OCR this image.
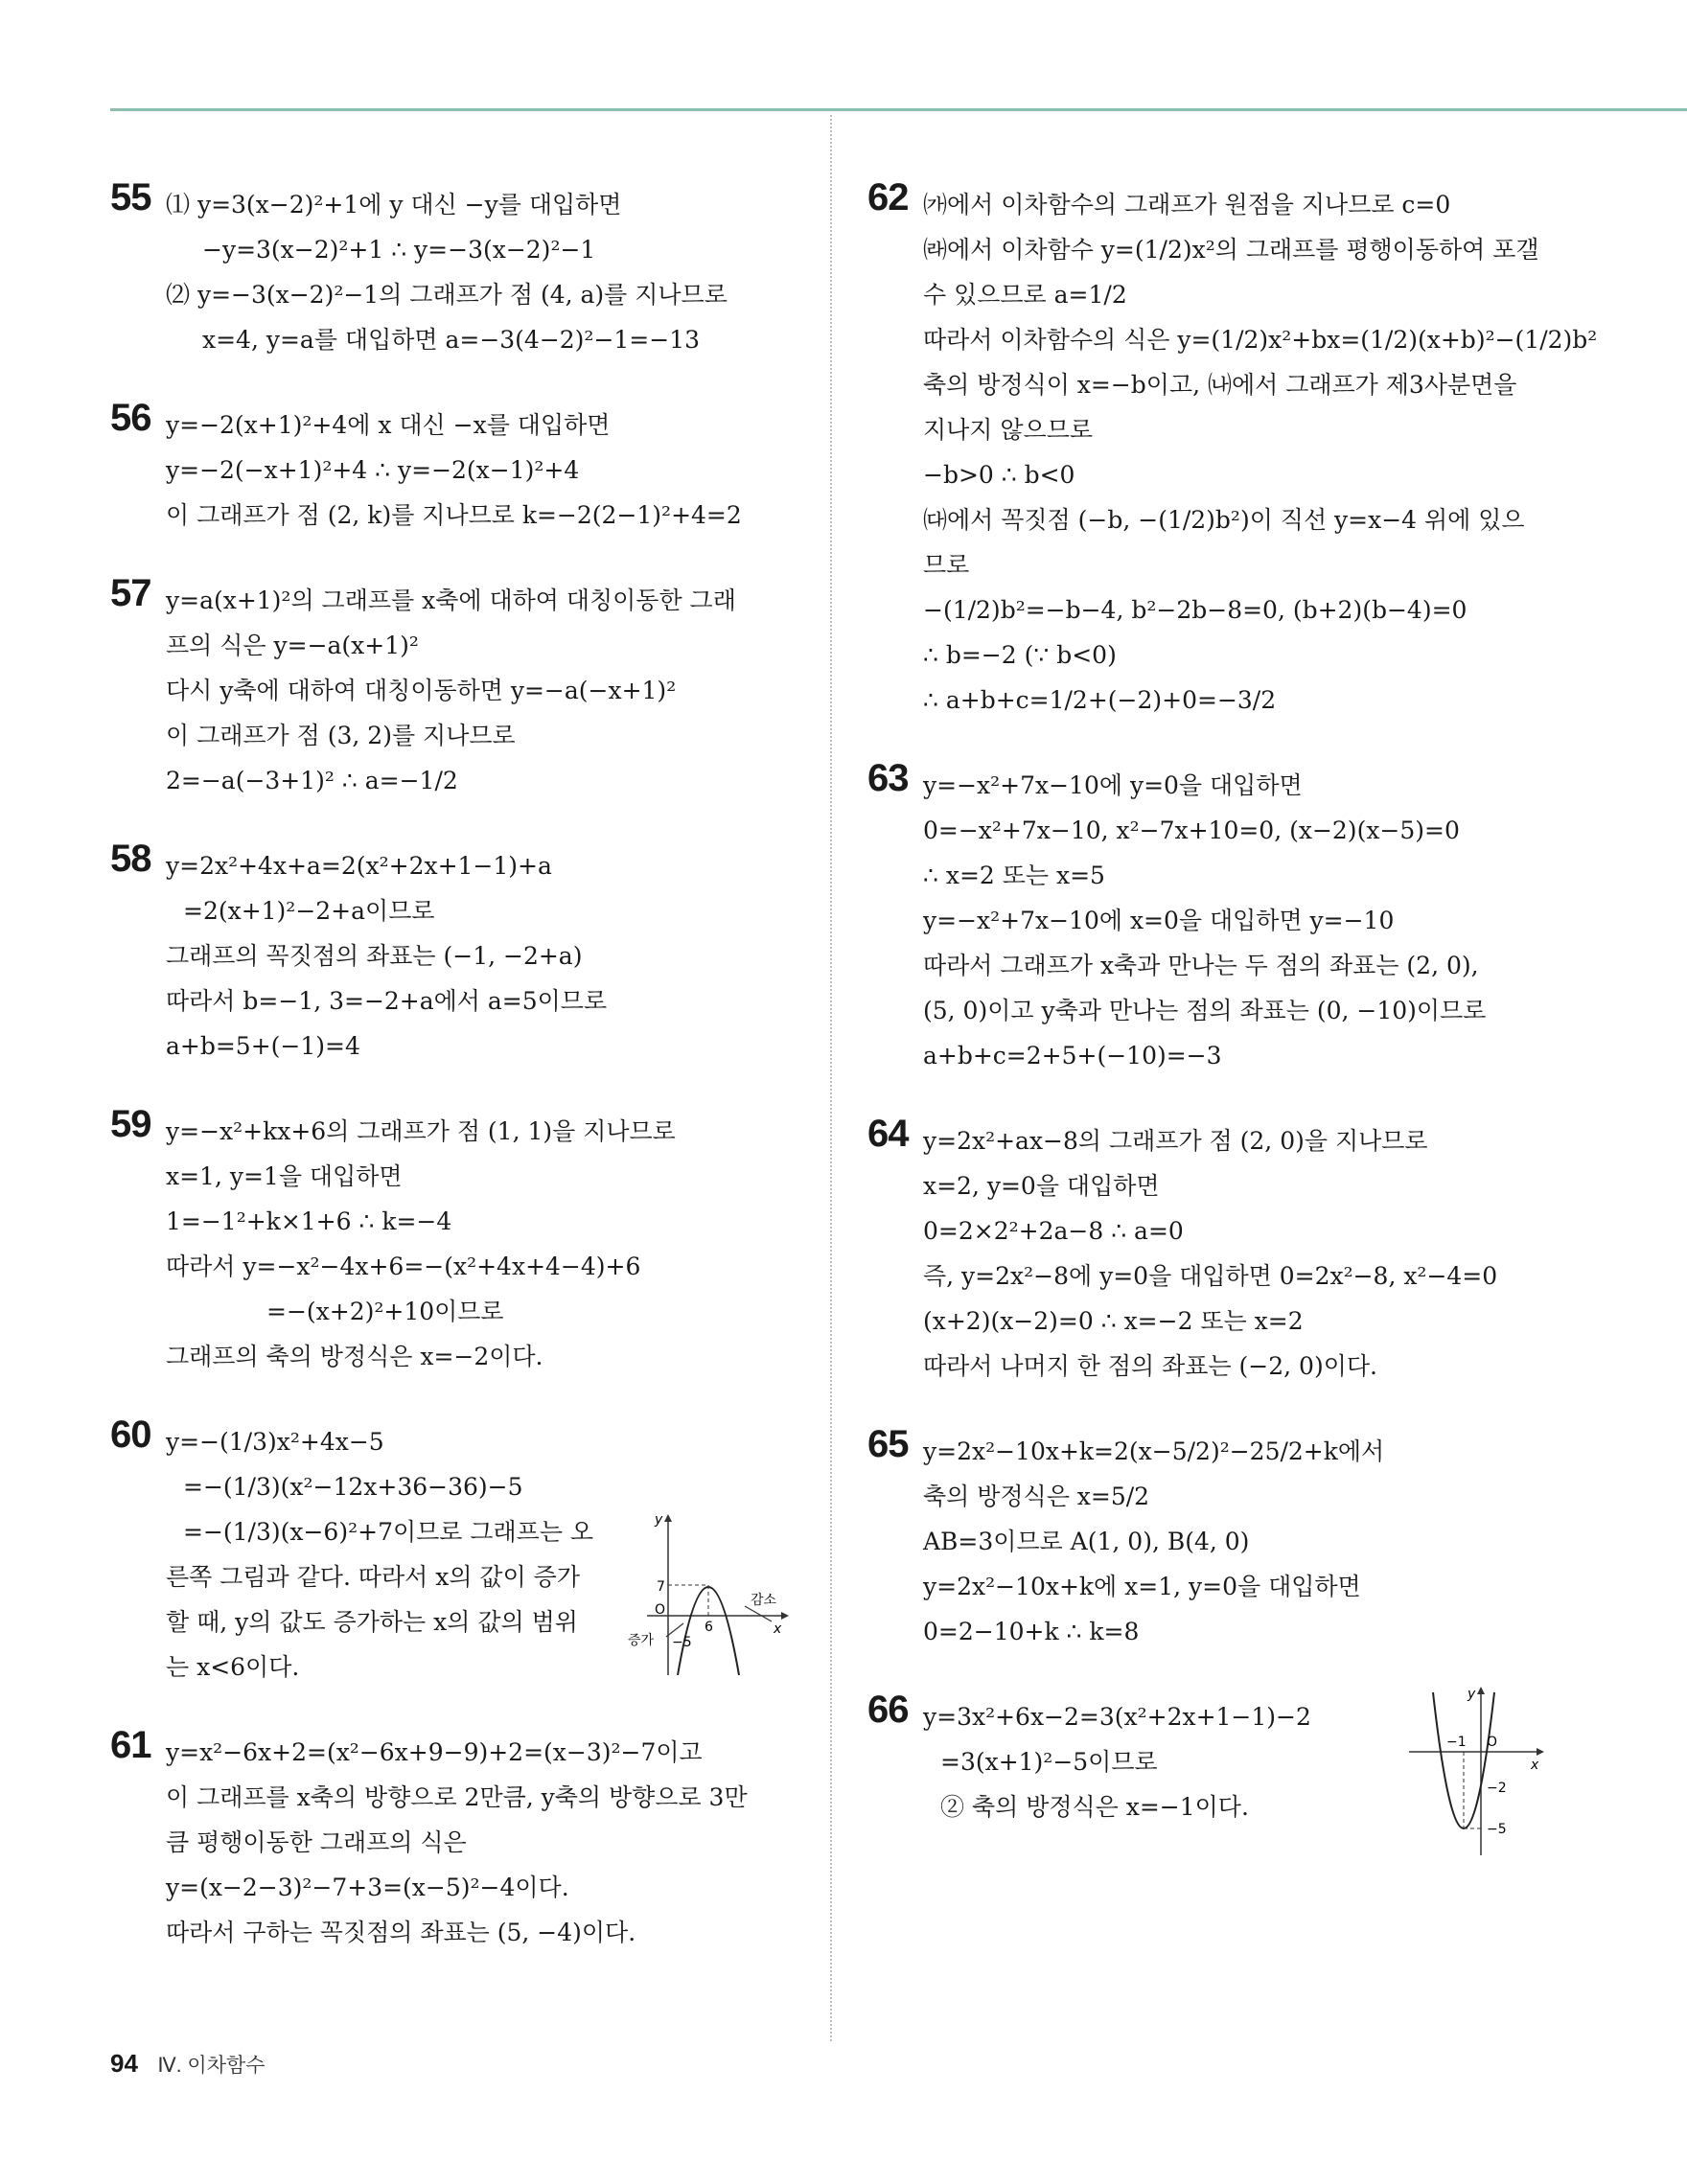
55 ⑴ y=3(x−2)²+1에 y 대신 −y를 대입하면
−y=3(x−2)²+1 ∴ y=−3(x−2)²−1
⑵ y=−3(x−2)²−1의 그래프가 점 (4, a)를 지나므로
x=4, y=a를 대입하면 a=−3(4−2)²−1=−13
56 y=−2(x+1)²+4에 x 대신 −x를 대입하면
y=−2(−x+1)²+4 ∴ y=−2(x−1)²+4
이 그래프가 점 (2, k)를 지나므로 k=−2(2−1)²+4=2
57 y=a(x+1)²의 그래프를 x축에 대하여 대칭이동한 그래
프의 식은 y=−a(x+1)²
다시 y축에 대하여 대칭이동하면 y=−a(−x+1)²
이 그래프가 점 (3, 2)를 지나므로
2=−a(−3+1)² ∴ a=−1/2
58 y=2x²+4x+a=2(x²+2x+1−1)+a
=2(x+1)²−2+a이므로
그래프의 꼭짓점의 좌표는 (−1, −2+a)
따라서 b=−1, 3=−2+a에서 a=5이므로
a+b=5+(−1)=4
59 y=−x²+kx+6의 그래프가 점 (1, 1)을 지나므로
x=1, y=1을 대입하면
1=−1²+k×1+6 ∴ k=−4
따라서 y=−x²−4x+6=−(x²+4x+4−4)+6
=−(x+2)²+10이므로
그래프의 축의 방정식은 x=−2이다.
60 y=−(1/3)x²+4x−5
=−(1/3)(x²−12x+36−36)−5
=−(1/3)(x−6)²+7이므로 그래프는 오
른쪽 그림과 같다. 따라서 x의 값이 증가
할 때, y의 값도 증가하는 x의 값의 범위
는 x<6이다.
y
x
O
7
−5
6
증가
감소
61 y=x²−6x+2=(x²−6x+9−9)+2=(x−3)²−7이고
이 그래프를 x축의 방향으로 2만큼, y축의 방향으로 3만
큼 평행이동한 그래프의 식은
y=(x−2−3)²−7+3=(x−5)²−4이다.
따라서 구하는 꼭짓점의 좌표는 (5, −4)이다.
62 ㈎에서 이차함수의 그래프가 원점을 지나므로 c=0
㈑에서 이차함수 y=(1/2)x²의 그래프를 평행이동하여 포갤
수 있으므로 a=1/2
따라서 이차함수의 식은 y=(1/2)x²+bx=(1/2)(x+b)²−(1/2)b²
축의 방정식이 x=−b이고, ㈏에서 그래프가 제3사분면을
지나지 않으므로
−b>0 ∴ b<0
㈐에서 꼭짓점 (−b, −(1/2)b²)이 직선 y=x−4 위에 있으
므로
−(1/2)b²=−b−4, b²−2b−8=0, (b+2)(b−4)=0
∴ b=−2 (∵ b<0)
∴ a+b+c=1/2+(−2)+0=−3/2
63 y=−x²+7x−10에 y=0을 대입하면
0=−x²+7x−10, x²−7x+10=0, (x−2)(x−5)=0
∴ x=2 또는 x=5
y=−x²+7x−10에 x=0을 대입하면 y=−10
따라서 그래프가 x축과 만나는 두 점의 좌표는 (2, 0),
(5, 0)이고 y축과 만나는 점의 좌표는 (0, −10)이므로
a+b+c=2+5+(−10)=−3
64 y=2x²+ax−8의 그래프가 점 (2, 0)을 지나므로
x=2, y=0을 대입하면
0=2×2²+2a−8 ∴ a=0
즉, y=2x²−8에 y=0을 대입하면 0=2x²−8, x²−4=0
(x+2)(x−2)=0 ∴ x=−2 또는 x=2
따라서 나머지 한 점의 좌표는 (−2, 0)이다.
65 y=2x²−10x+k=2(x−5/2)²−25/2+k에서
축의 방정식은 x=5/2
AB=3이므로 A(1, 0), B(4, 0)
y=2x²−10x+k에 x=1, y=0을 대입하면
0=2−10+k ∴ k=8
66 y=3x²+6x−2=3(x²+2x+1−1)−2
=3(x+1)²−5이므로
② 축의 방정식은 x=−1이다.
y
x
O
−1
−2
−5
94 Ⅳ. 이차함수
